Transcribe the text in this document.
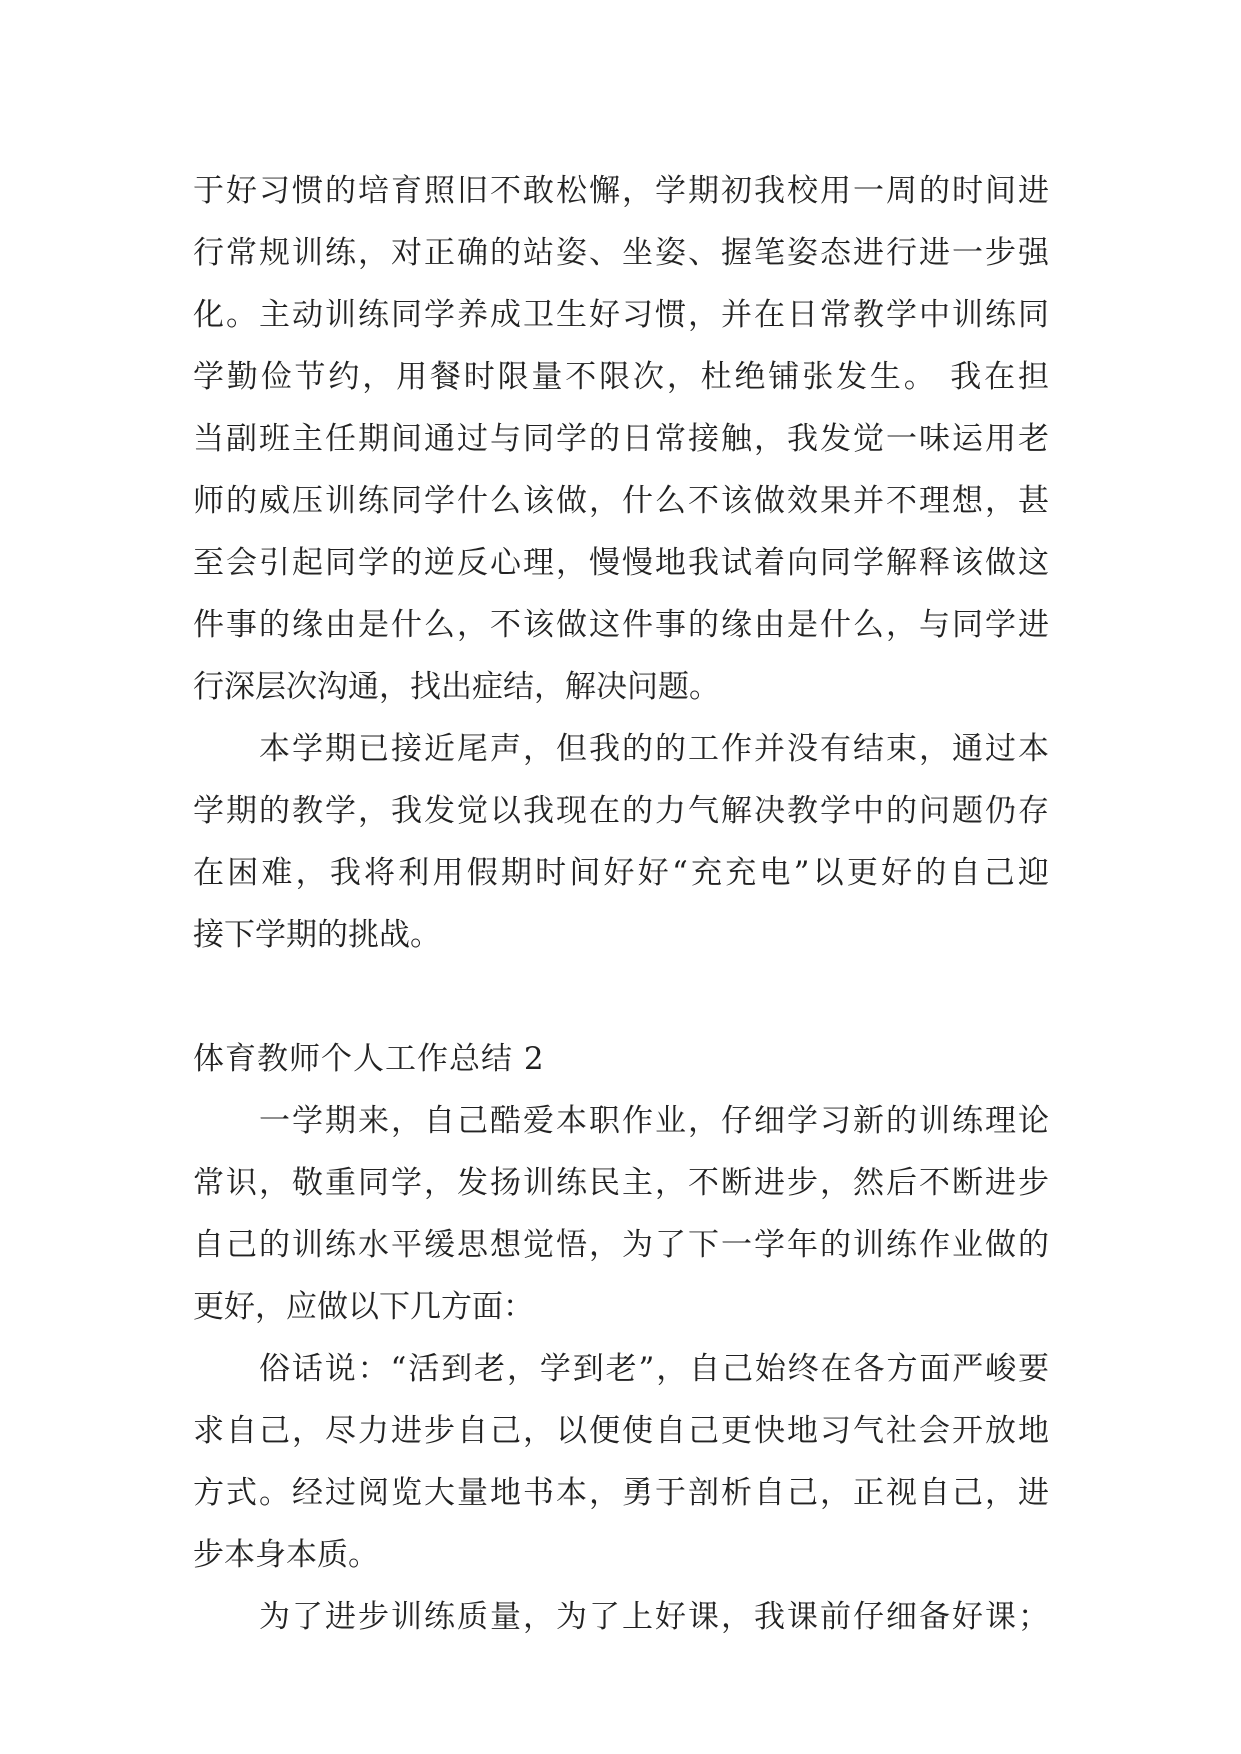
于好习惯的培育照旧不敢松懈，学期初我校用一周的时间进
行常规训练，对正确的站姿、坐姿、握笔姿态进行进一步强
化。主动训练同学养成卫生好习惯，并在日常教学中训练同
学勤俭节约，用餐时限量不限次，杜绝铺张发生。 我在担
当副班主任期间通过与同学的日常接触，我发觉一味运用老
师的威压训练同学什么该做，什么不该做效果并不理想，甚
至会引起同学的逆反心理，慢慢地我试着向同学解释该做这
件事的缘由是什么，不该做这件事的缘由是什么，与同学进
行深层次沟通，找出症结，解决问题。
本学期已接近尾声，但我的的工作并没有结束，通过本
学期的教学，我发觉以我现在的力气解决教学中的问题仍存
在困难，我将利用假期时间好好“充充电”以更好的自己迎
接下学期的挑战。
体育教师个人工作总结 2
一学期来，自己酷爱本职作业，仔细学习新的训练理论
常识，敬重同学，发扬训练民主，不断进步，然后不断进步
自己的训练水平缓思想觉悟，为了下一学年的训练作业做的
更好，应做以下几方面：
俗话说：“活到老，学到老”，自己始终在各方面严峻要
求自己，尽力进步自己，以便使自己更快地习气社会开放地
方式。经过阅览大量地书本，勇于剖析自己，正视自己，进
步本身本质。
为了进步训练质量，为了上好课，我课前仔细备好课；
